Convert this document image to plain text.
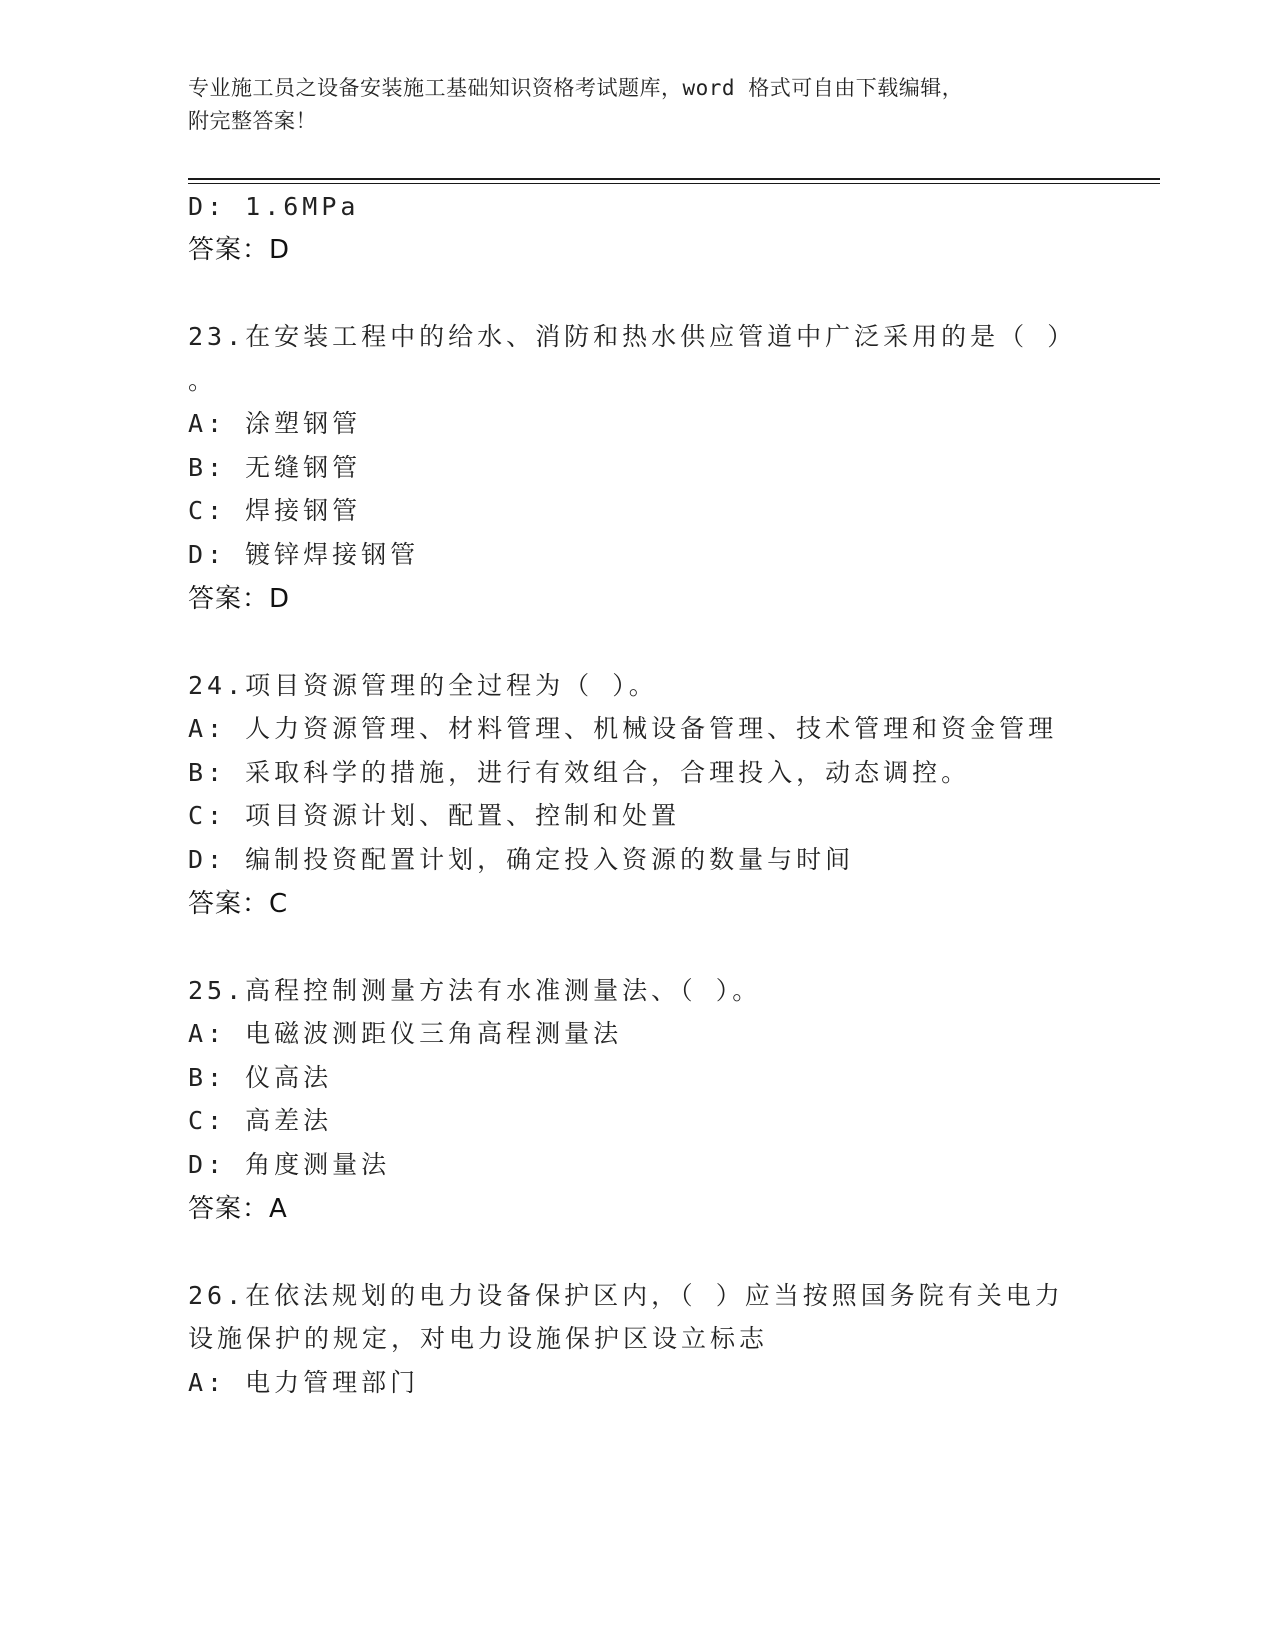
专业施工员之设备安装施工基础知识资格考试题库，word 格式可自由下载编辑，
附完整答案！
D: 1.6MPa
答案：D
23.在安装工程中的给水、消防和热水供应管道中广泛采用的是（ ）
。
A: 涂塑钢管
B: 无缝钢管
C: 焊接钢管
D: 镀锌焊接钢管
答案：D
24.项目资源管理的全过程为（ ）。
A: 人力资源管理、材料管理、机械设备管理、技术管理和资金管理
B: 采取科学的措施，进行有效组合，合理投入，动态调控。
C: 项目资源计划、配置、控制和处置
D: 编制投资配置计划，确定投入资源的数量与时间
答案：C
25.高程控制测量方法有水准测量法、（ ）。
A: 电磁波测距仪三角高程测量法
B: 仪高法
C: 高差法
D: 角度测量法
答案：A
26.在依法规划的电力设备保护区内，（ ）应当按照国务院有关电力
设施保护的规定，对电力设施保护区设立标志
A: 电力管理部门
